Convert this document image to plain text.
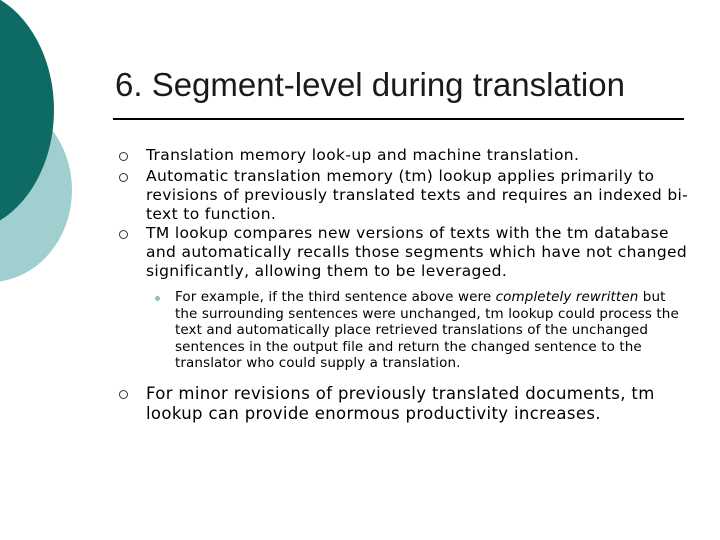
6. Segment-level during translation
Translation memory look-up and machine translation.
Automatic translation memory (tm) lookup applies primarily to revisions of previously translated texts and requires an indexed bi-text to function.
TM lookup compares new versions of texts with the tm database and automatically recalls those segments which have not changed significantly, allowing them to be leveraged.
For example, if the third sentence above were completely rewritten but the surrounding sentences were unchanged, tm lookup could process the text and automatically place retrieved translations of the unchanged sentences in the output file and return the changed sentence to the translator who could supply a translation.
For minor revisions of previously translated documents, tm lookup can provide enormous productivity increases.
